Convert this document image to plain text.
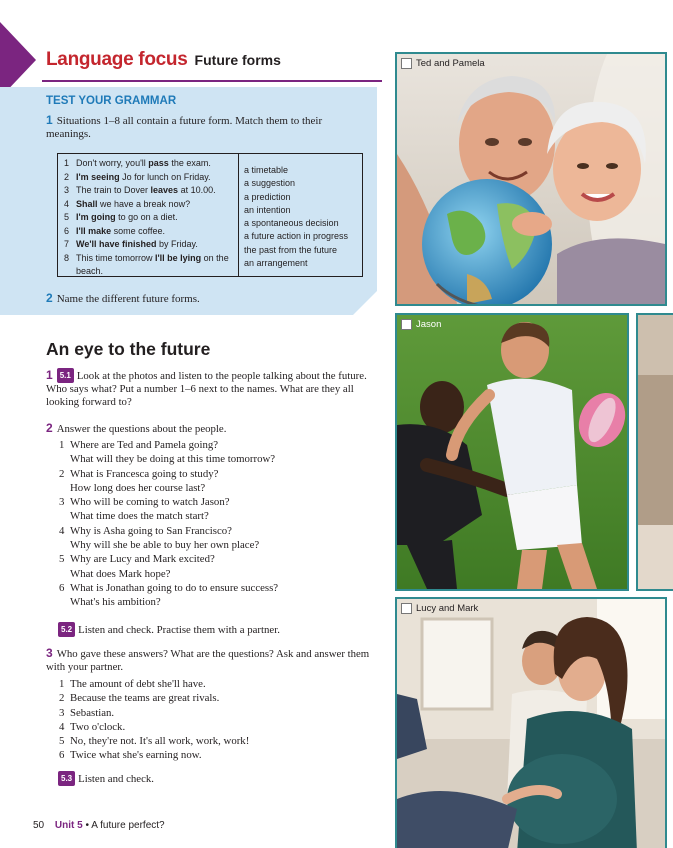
Language focus Future forms
TEST YOUR GRAMMAR
1 Situations 1–8 all contain a future form. Match them to their meanings.
1 Don't worry, you'll pass the exam.
2 I'm seeing Jo for lunch on Friday.
3 The train to Dover leaves at 10.00.
4 Shall we have a break now?
5 I'm going to go on a diet.
6 I'll make some coffee.
7 We'll have finished by Friday.
8 This time tomorrow I'll be lying on the beach.
a timetable
a suggestion
a prediction
an intention
a spontaneous decision
a future action in progress
the past from the future
an arrangement
2 Name the different future forms.
An eye to the future
1 5.1 Look at the photos and listen to the people talking about the future. Who says what? Put a number 1–6 next to the names. What are they all looking forward to?
2 Answer the questions about the people.
1 Where are Ted and Pamela going?
What will they be doing at this time tomorrow?
2 What is Francesca going to study?
How long does her course last?
3 Who will be coming to watch Jason?
What time does the match start?
4 Why is Asha going to San Francisco?
Why will she be able to buy her own place?
5 Why are Lucy and Mark excited?
What does Mark hope?
6 What is Jonathan going to do to ensure success?
What's his ambition?
5.2 Listen and check. Practise them with a partner.
3 Who gave these answers? What are the questions? Ask and answer them with your partner.
1 The amount of debt she'll have.
2 Because the teams are great rivals.
3 Sebastian.
4 Two o'clock.
5 No, they're not. It's all work, work, work!
6 Twice what she's earning now.
5.3 Listen and check.
50 Unit 5 • A future perfect?
Ted and Pamela
Jason
Lucy and Mark
